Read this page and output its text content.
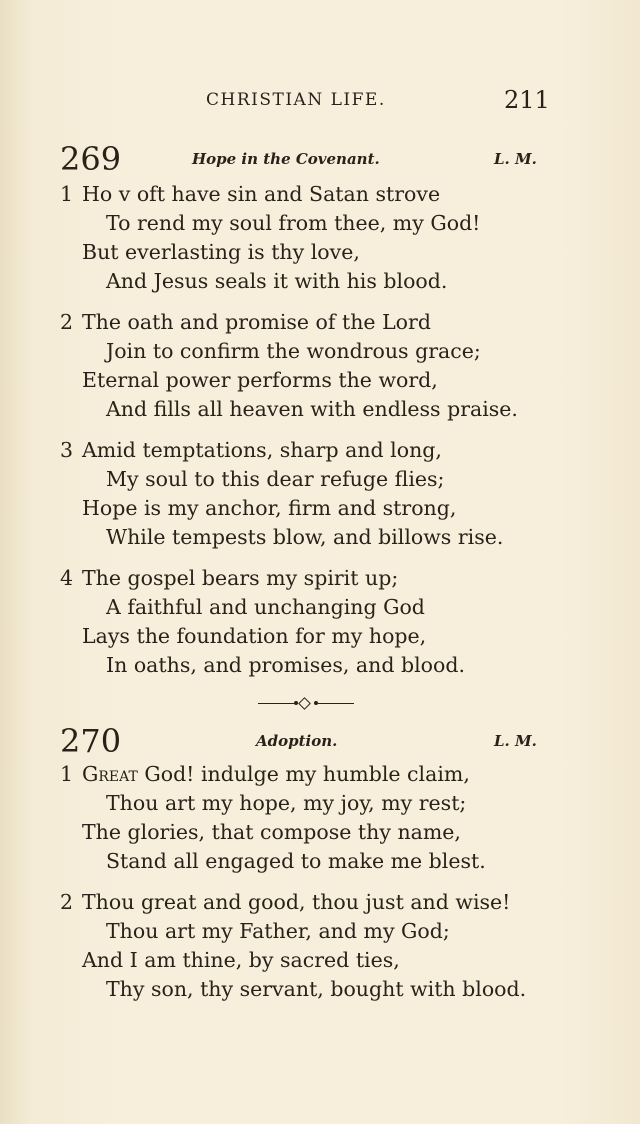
CHRISTIAN LIFE.	211
269	Hope in the Covenant.	L. M.
1 Ho v oft have sin and Satan strove
To rend my soul from thee, my God!
But everlasting is thy love,
And Jesus seals it with his blood.
2 The oath and promise of the Lord
Join to confirm the wondrous grace;
Eternal power performs the word,
And fills all heaven with endless praise.
3 Amid temptations, sharp and long,
My soul to this dear refuge flies;
Hope is my anchor, firm and strong,
While tempests blow, and billows rise.
4 The gospel bears my spirit up;
A faithful and unchanging God
Lays the foundation for my hope,
In oaths, and promises, and blood.
270	Adoption.	L. M.
1 Great God! indulge my humble claim,
Thou art my hope, my joy, my rest;
The glories, that compose thy name,
Stand all engaged to make me blest.
2 Thou great and good, thou just and wise!
Thou art my Father, and my God;
And I am thine, by sacred ties,
Thy son, thy servant, bought with blood.
